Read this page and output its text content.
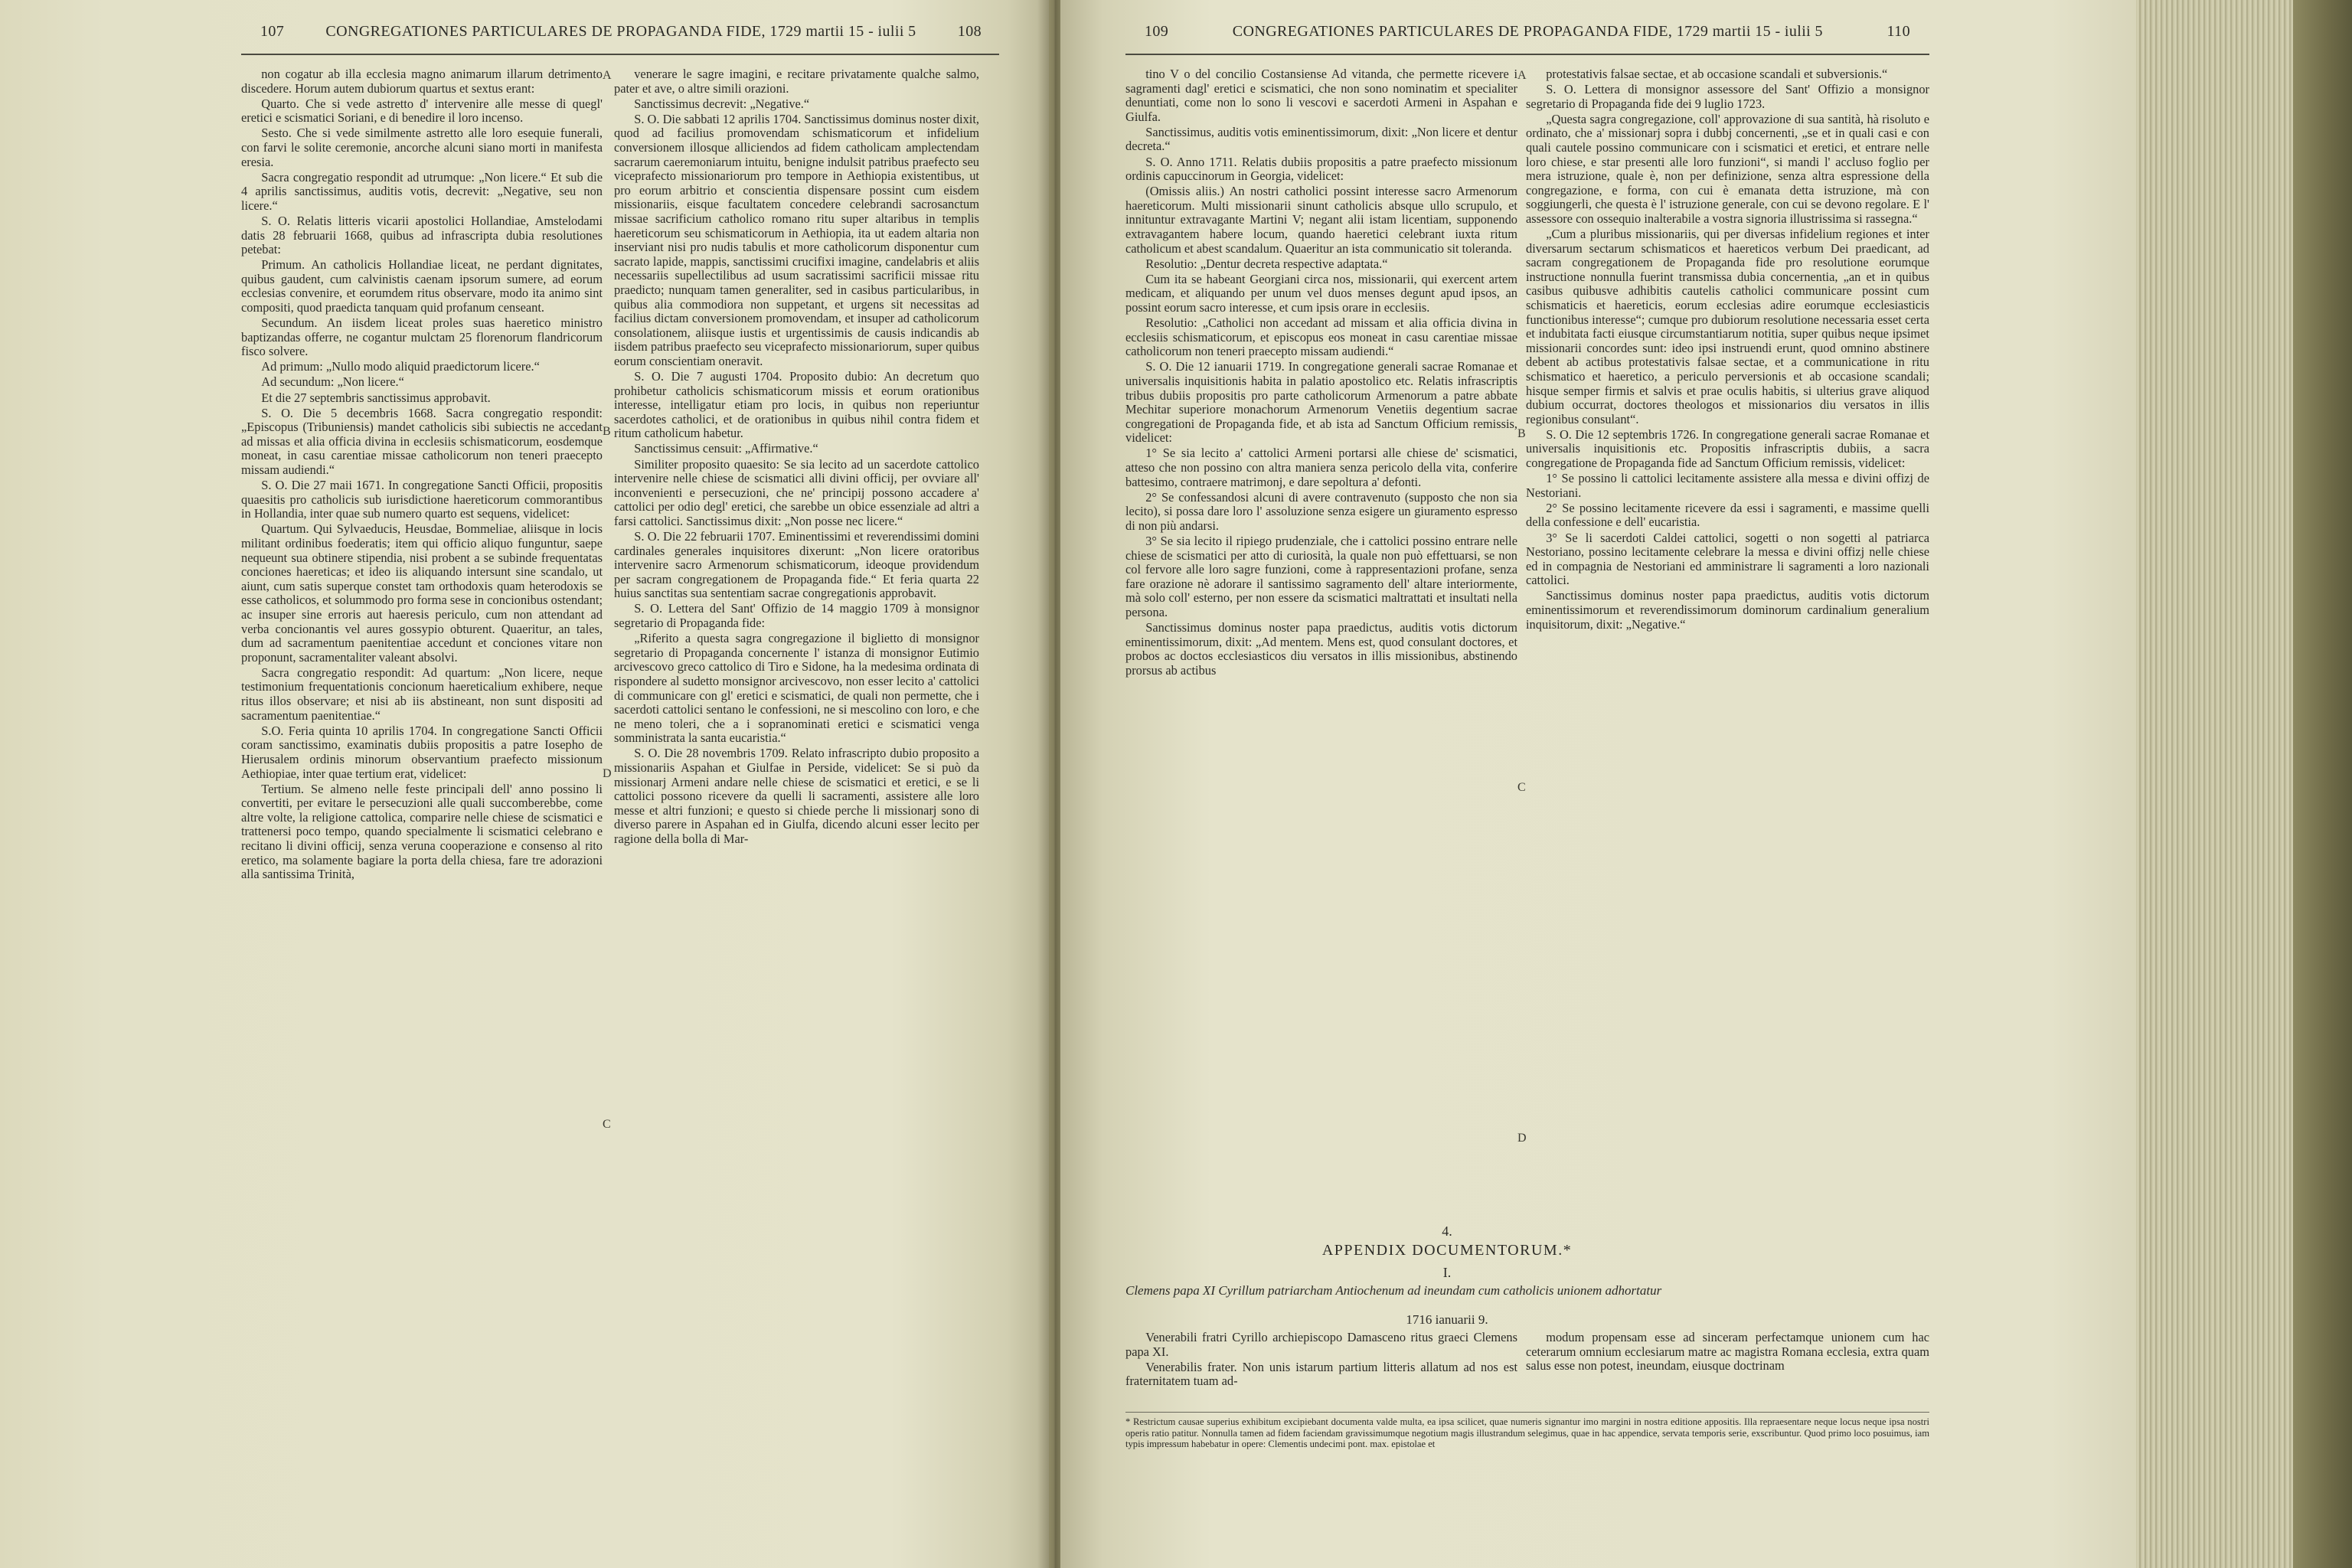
107	CONGREGATIONES PARTICULARES DE PROPAGANDA FIDE, 1729 martii 15 - iulii 5	108

non cogatur ab illa ecclesia magno animarum illarum detrimento discedere. Horum autem dubiorum quartus et sextus erant:

Quarto. Che si vede astretto d' intervenire alle messe di quegl' eretici e scismatici Soriani, e di benedire il loro incenso.

Sesto. Che si vede similmente astretto alle loro esequie funerali, con farvi le solite ceremonie, ancorche alcuni siano morti in manifesta eresia.

Sacra congregatio respondit ad utrumque: „Non licere.“ Et sub die 4 aprilis sanctissimus, auditis votis, decrevit: „Negative, seu non licere.“

S. O. Relatis litteris vicarii apostolici Hollandiae, Amstelodami datis 28 februarii 1668, quibus ad infrascripta dubia resolutiones petebat:

Primum. An catholicis Hollandiae liceat, ne perdant dignitates, quibus gaudent, cum calvinistis caenam ipsorum sumere, ad eorum ecclesias convenire, et eorumdem ritus observare, modo ita animo sint compositi, quod praedicta tanquam quid profanum censeant.

Secundum. An iisdem liceat proles suas haeretico ministro baptizandas offerre, ne cogantur mulctam 25 florenorum flandricorum fisco solvere.

Ad primum: „Nullo modo aliquid praedictorum licere.“

Ad secundum: „Non licere.“

Et die 27 septembris sanctissimus approbavit.

S. O. Die 5 decembris 1668. Sacra congregatio respondit: „Episcopus (Tribuniensis) mandet catholicis sibi subiectis ne accedant ad missas et alia officia divina in ecclesiis schismaticorum, eosdemque moneat, in casu carentiae missae catholicorum non teneri praecepto missam audiendi.“

S. O. Die 27 maii 1671. In congregatione Sancti Officii, propositis quaesitis pro catholicis sub iurisdictione haereticorum commorantibus in Hollandia, inter quae sub numero quarto est sequens, videlicet:

Quartum. Qui Sylvaeducis, Heusdae, Bommeliae, aliisque in locis militant ordinibus foederatis; item qui officio aliquo funguntur, saepe nequeunt sua obtinere stipendia, nisi probent a se subinde frequentatas conciones haereticas; et ideo iis aliquando intersunt sine scandalo, ut aiunt, cum satis superque constet tam orthodoxis quam heterodoxis se esse catholicos, et solummodo pro forma sese in concionibus ostendant; ac insuper sine erroris aut haeresis periculo, cum non attendant ad verba concionantis vel aures gossypio obturent. Quaeritur, an tales, dum ad sacramentum paenitentiae accedunt et conciones vitare non proponunt, sacramentaliter valeant absolvi.

Sacra congregatio respondit: Ad quartum: „Non licere, neque testimonium frequentationis concionum haereticalium exhibere, neque ritus illos observare; et nisi ab iis abstineant, non sunt dispositi ad sacramentum paenitentiae.“

S.O. Feria quinta 10 aprilis 1704. In congregatione Sancti Officii coram sanctissimo, examinatis dubiis propositis a patre Iosepho de Hierusalem ordinis minorum observantium praefecto missionum Aethiopiae, inter quae tertium erat, videlicet:

Tertium. Se almeno nelle feste principali dell' anno possino li convertiti, per evitare le persecuzioni alle quali succomberebbe, come altre volte, la religione cattolica, comparire nelle chiese de scismatici e trattenersi poco tempo, quando specialmente li scismatici celebrano e recitano li divini officij, senza veruna cooperazione e consenso al rito eretico, ma solamente bagiare la porta della chiesa, fare tre adorazioni alla santissima Trinità,

venerare le sagre imagini, e recitare privatamente qualche salmo, pater et ave, o altre simili orazioni.

Sanctissimus decrevit: „Negative.“

S. O. Die sabbati 12 aprilis 1704. Sanctissimus dominus noster dixit, quod ad facilius promovendam schismaticorum et infidelium conversionem illosque alliciendos ad fidem catholicam amplectendam sacrarum caeremoniarum intuitu, benigne indulsit patribus praefecto seu viceprafecto missionariorum pro tempore in Aethiopia existentibus, ut pro eorum arbitrio et conscientia dispensare possint cum eisdem missionariis, eisque facultatem concedere celebrandi sacrosanctum missae sacrificium catholico romano ritu super altaribus in templis haereticorum seu schismaticorum in Aethiopia, ita ut eadem altaria non inserviant nisi pro nudis tabulis et more catholicorum disponentur cum sacrato lapide, mappis, sanctissimi crucifixi imagine, candelabris et aliis necessariis supellectilibus ad usum sacratissimi sacrificii missae ritu praedicto; nunquam tamen generaliter, sed in casibus particularibus, in quibus alia commodiora non suppetant, et urgens sit necessitas ad facilius dictam conversionem promovendam, et insuper ad catholicorum consolationem, aliisque iustis et urgentissimis de causis indicandis ab iisdem patribus praefecto seu viceprafecto missionariorum, super quibus eorum conscientiam oneravit.

S. O. Die 7 augusti 1704. Proposito dubio: An decretum quo prohibetur catholicis schismaticorum missis et eorum orationibus interesse, intelligatur etiam pro locis, in quibus non reperiuntur sacerdotes catholici, et de orationibus in quibus nihil contra fidem et ritum catholicum habetur.

Sanctissimus censuit: „Affirmative.“

Similiter proposito quaesito: Se sia lecito ad un sacerdote cattolico intervenire nelle chiese de scismatici alli divini officij, per ovviare all' inconvenienti e persecuzioni, che ne' principij possono accadere a' cattolici per odio degl' eretici, che sarebbe un obice essenziale ad altri a farsi cattolici. Sanctissimus dixit: „Non posse nec licere.“

S. O. Die 22 februarii 1707. Eminentissimi et reverendissimi domini cardinales generales inquisitores dixerunt: „Non licere oratoribus intervenire sacro Armenorum schismaticorum, ideoque providendum per sacram congregationem de Propaganda fide.“ Et feria quarta 22 huius sanctitas sua sententiam sacrae congregationis approbavit.

S. O. Lettera del Sant' Offizio de 14 maggio 1709 à monsignor segretario di Propaganda fide:

„Riferito a questa sagra congregazione il biglietto di monsignor segretario di Propaganda concernente l' istanza di monsignor Eutimio arcivescovo greco cattolico di Tiro e Sidone, ha la medesima ordinata di rispondere al sudetto monsignor arcivescovo, non esser lecito a' cattolici di communicare con gl' eretici e scismatici, de quali non permette, che i sacerdoti cattolici sentano le confessioni, ne si mescolino con loro, e che ne meno toleri, che a i sopranominati eretici e scismatici venga somministrata la santa eucaristia.“

S. O. Die 28 novembris 1709. Relato infrascripto dubio proposito a missionariis Aspahan et Giulfae in Perside, videlicet: Se si può da missionarj Armeni andare nelle chiese de scismatici et eretici, e se li cattolici possono ricevere da quelli li sacramenti, assistere alle loro messe et altri funzioni; e questo si chiede perche li missionarj sono di diverso parere in Aspahan ed in Giulfa, dicendo alcuni esser lecito per ragione della bolla di Mar-

A
B
C
D
109	CONGREGATIONES PARTICULARES DE PROPAGANDA FIDE, 1729 martii 15 - iulii 5	110

tino V o del concilio Costansiense Ad vitanda, che permette ricevere i sagramenti dagl' eretici e scismatici, che non sono nominatim et specialiter denuntiati, come non lo sono li vescovi e sacerdoti Armeni in Aspahan e Giulfa.

Sanctissimus, auditis votis eminentissimorum, dixit: „Non licere et dentur decreta.“

S. O. Anno 1711. Relatis dubiis propositis a patre praefecto missionum ordinis capuccinorum in Georgia, videlicet:

(Omissis aliis.) An nostri catholici possint interesse sacro Armenorum haereticorum. Multi missionarii sinunt catholicis absque ullo scrupulo, et innituntur extravagante Martini V; negant alii istam licentiam, supponendo extravagantem habere locum, quando haeretici celebrant iuxta ritum catholicum et abest scandalum. Quaeritur an ista communicatio sit toleranda.

Resolutio: „Dentur decreta respective adaptata.“

Cum ita se habeant Georgiani circa nos, missionarii, qui exercent artem medicam, et aliquando per unum vel duos menses degunt apud ipsos, an possint eorum sacro interesse, et cum ipsis orare in ecclesiis.

Resolutio: „Catholici non accedant ad missam et alia officia divina in ecclesiis schismaticorum, et episcopus eos moneat in casu carentiae missae catholicorum non teneri praecepto missam audiendi.“

S. O. Die 12 ianuarii 1719. In congregatione generali sacrae Romanae et universalis inquisitionis habita in palatio apostolico etc. Relatis infrascriptis tribus dubiis propositis pro parte catholicorum Armenorum a patre abbate Mechitar superiore monachorum Armenorum Venetiis degentium sacrae congregationi de Propaganda fide, et ab ista ad Sanctum Officium remissis, videlicet:

1° Se sia lecito a' cattolici Armeni portarsi alle chiese de' scismatici, atteso che non possino con altra maniera senza pericolo della vita, conferire battesimo, contraere matrimonj, e dare sepoltura a' defonti.

2° Se confessandosi alcuni di avere contravenuto (supposto che non sia lecito), si possa dare loro l' assoluzione senza esigere un giuramento espresso di non più andarsi.

3° Se sia lecito il ripiego prudenziale, che i cattolici possino entrare nelle chiese de scismatici per atto di curiosità, la quale non può effettuarsi, se non col fervore alle loro sagre funzioni, come à rappresentazioni profane, senza fare orazione nè adorare il santissimo sagramento dell' altare interiormente, mà solo coll' esterno, per non essere da scismatici maltrattati et insultati nella persona.

Sanctissimus dominus noster papa praedictus, auditis votis dictorum eminentissimorum, dixit: „Ad mentem. Mens est, quod consulant doctores, et probos ac doctos ecclesiasticos diu versatos in illis missionibus, abstinendo prorsus ab actibus

protestativis falsae sectae, et ab occasione scandali et subversionis.“

S. O. Lettera di monsignor assessore del Sant' Offizio a monsignor segretario di Propaganda fide dei 9 luglio 1723.

„Questa sagra congregazione, coll' approvazione di sua santità, hà risoluto e ordinato, che a' missionarj sopra i dubbj concernenti, „se et in quali casi e con quali cautele possino communicare con i scismatici et eretici, et entrare nelle loro chiese, e star presenti alle loro funzioni“, si mandi l' accluso foglio per mera istruzione, quale è, non per definizione, senza altra espressione della congregazione, e forma, con cui è emanata detta istruzione, mà con soggiungerli, che questa è l' istruzione generale, con cui se devono regolare. E l' assessore con ossequio inalterabile a vostra signoria illustrissima si rassegna.“

„Cum a pluribus missionariis, qui per diversas infidelium regiones et inter diversarum sectarum schismaticos et haereticos verbum Dei praedicant, ad sacram congregationem de Propaganda fide pro resolutione eorumque instructione nonnulla fuerint transmissa dubia concernentia, „an et in quibus casibus quibusve adhibitis cautelis catholici communicare possint cum schismaticis et haereticis, eorum ecclesias adire eorumque ecclesiasticis functionibus interesse“; cumque pro dubiorum resolutione necessaria esset certa et indubitata facti eiusque circumstantiarum notitia, super quibus neque ipsimet missionarii concordes sunt: ideo ipsi instruendi erunt, quod omnino abstinere debent ab actibus protestativis falsae sectae, et a communicatione in ritu schismatico et haeretico, a periculo perversionis et ab occasione scandali; hisque semper firmis et salvis et prae oculis habitis, si ulterius grave aliquod dubium occurrat, doctores theologos et missionarios diu versatos in illis regionibus consulant“.

S. O. Die 12 septembris 1726. In congregatione generali sacrae Romanae et universalis inquisitionis etc. Propositis infrascriptis dubiis, a sacra congregatione de Propaganda fide ad Sanctum Officium remissis, videlicet:

1° Se possino li cattolici lecitamente assistere alla messa e divini offizj de Nestoriani.

2° Se possino lecitamente ricevere da essi i sagramenti, e massime quelli della confessione e dell' eucaristia.

3° Se li sacerdoti Caldei cattolici, sogetti o non sogetti al patriarca Nestoriano, possino lecitamente celebrare la messa e divini offizj nelle chiese ed in compagnia de Nestoriani ed amministrare li sagramenti a loro nazionali cattolici.

Sanctissimus dominus noster papa praedictus, auditis votis dictorum eminentissimorum et reverendissimorum dominorum cardinalium generalium inquisitorum, dixit: „Negative.“

A
B
C
D
4.
APPENDIX DOCUMENTORUM.*
I.
Clemens papa XI Cyrillum patriarcham Antiochenum ad ineundam cum catholicis unionem adhortatur
1716 ianuarii 9.

Venerabili fratri Cyrillo archiepiscopo Damasceno ritus graeci Clemens papa XI.

Venerabilis frater. Non unis istarum partium litteris allatum ad nos est fraternitatem tuam ad-

modum propensam esse ad sinceram perfectamque unionem cum hac ceterarum omnium ecclesiarum matre ac magistra Romana ecclesia, extra quam salus esse non potest, ineundam, eiusque doctrinam

* Restrictum causae superius exhibitum excipiebant documenta valde multa, ea ipsa scilicet, quae numeris signantur imo margini in nostra editione appositis. Illa repraesentare neque locus neque ipsa nostri operis ratio patitur. Nonnulla tamen ad fidem faciendam gravissimumque negotium magis illustrandum selegimus, quae in hac appendice, servata temporis serie, exscribuntur. Quod primo loco posuimus, iam typis impressum habebatur in opere: Clementis undecimi pont. max. epistolae et
